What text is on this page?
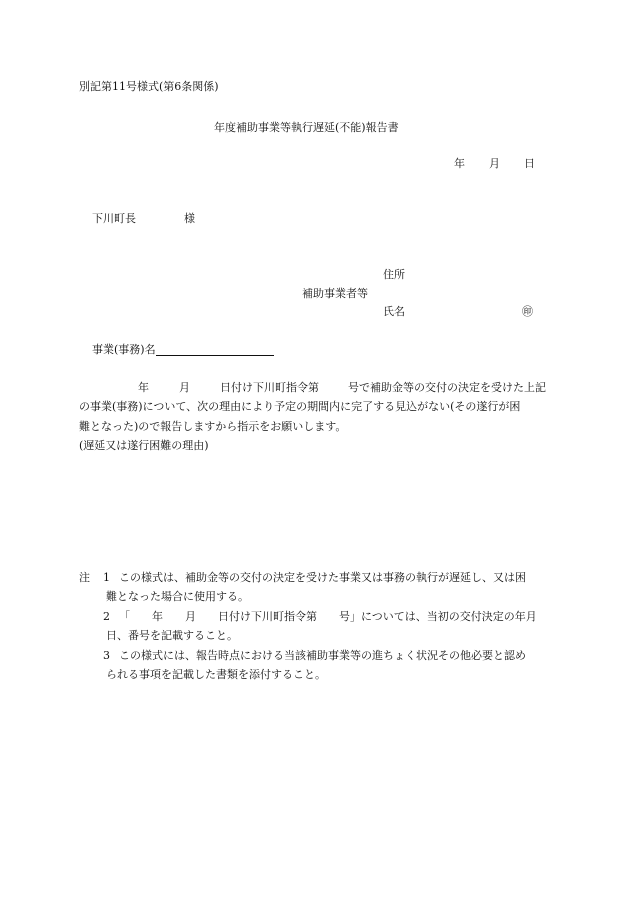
別記第11号様式(第6条関係)
年度補助事業等執行遅延(不能)報告書
年 月 日
下川町長	様
住所
補助事業者等
氏名	㊞
事業(事務)名
年	月	日付け下川町指令第	号で補助金等の交付の決定を受けた上記
の事業(事務)について、次の理由により予定の期間内に完了する見込がない(その遂行が困
難となった)ので報告しますから指示をお願いします。
(遅延又は遂行困難の理由)
注 1 この様式は、補助金等の交付の決定を受けた事業又は事務の執行が遅延し、又は困
難となった場合に使用する。
2 「　　年　　月　　日付け下川町指令第　　号」については、当初の交付決定の年月
日、番号を記載すること。
3 この様式には、報告時点における当該補助事業等の進ちょく状況その他必要と認め
られる事項を記載した書類を添付すること。
